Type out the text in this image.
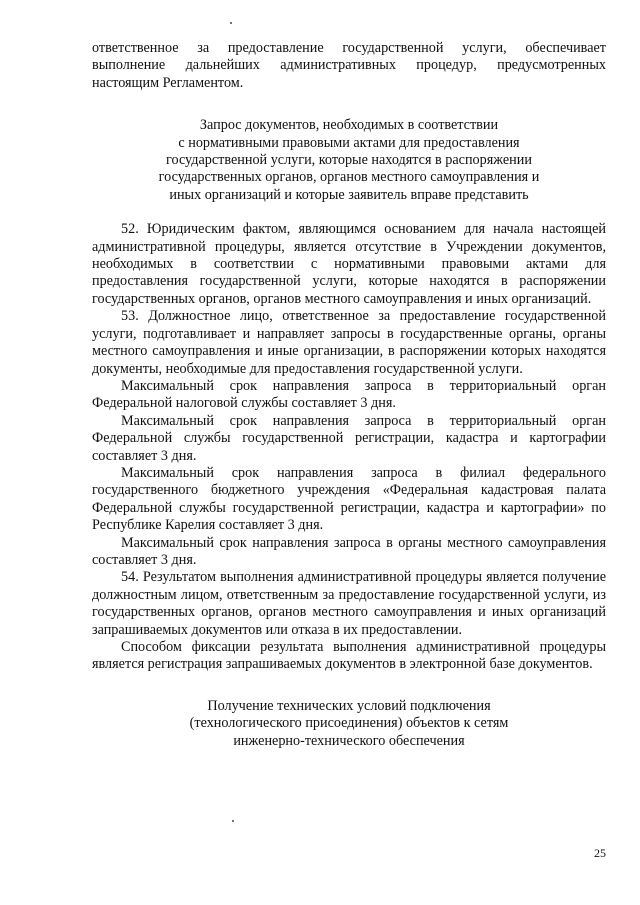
ответственное за предоставление государственной услуги, обеспечивает выполнение дальнейших административных процедур, предусмотренных настоящим Регламентом.

Запрос документов, необходимых в соответствии
с нормативными правовыми актами для предоставления
государственной услуги, которые находятся в распоряжении
государственных органов, органов местного самоуправления и
иных организаций и которые заявитель вправе представить

52. Юридическим фактом, являющимся основанием для начала настоящей административной процедуры, является отсутствие в Учреждении документов, необходимых в соответствии с нормативными правовыми актами для предоставления государственной услуги, которые находятся в распоряжении государственных органов, органов местного самоуправления и иных организаций.

53. Должностное лицо, ответственное за предоставление государственной услуги, подготавливает и направляет запросы в государственные органы, органы местного самоуправления и иные организации, в распоряжении которых находятся документы, необходимые для предоставления государственной услуги.

Максимальный срок направления запроса в территориальный орган Федеральной налоговой службы составляет 3 дня.

Максимальный срок направления запроса в территориальный орган Федеральной службы государственной регистрации, кадастра и картографии составляет 3 дня.

Максимальный срок направления запроса в филиал федерального государственного бюджетного учреждения «Федеральная кадастровая палата Федеральной службы государственной регистрации, кадастра и картографии» по Республике Карелия составляет 3 дня.

Максимальный срок направления запроса в органы местного самоуправления составляет 3 дня.

54. Результатом выполнения административной процедуры является получение должностным лицом, ответственным за предоставление государственной услуги, из государственных органов, органов местного самоуправления и иных организаций запрашиваемых документов или отказа в их предоставлении.

Способом фиксации результата выполнения административной процедуры является регистрация запрашиваемых документов в электронной базе документов.

Получение технических условий подключения
(технологического присоединения) объектов к сетям
инженерно-технического обеспечения
25
